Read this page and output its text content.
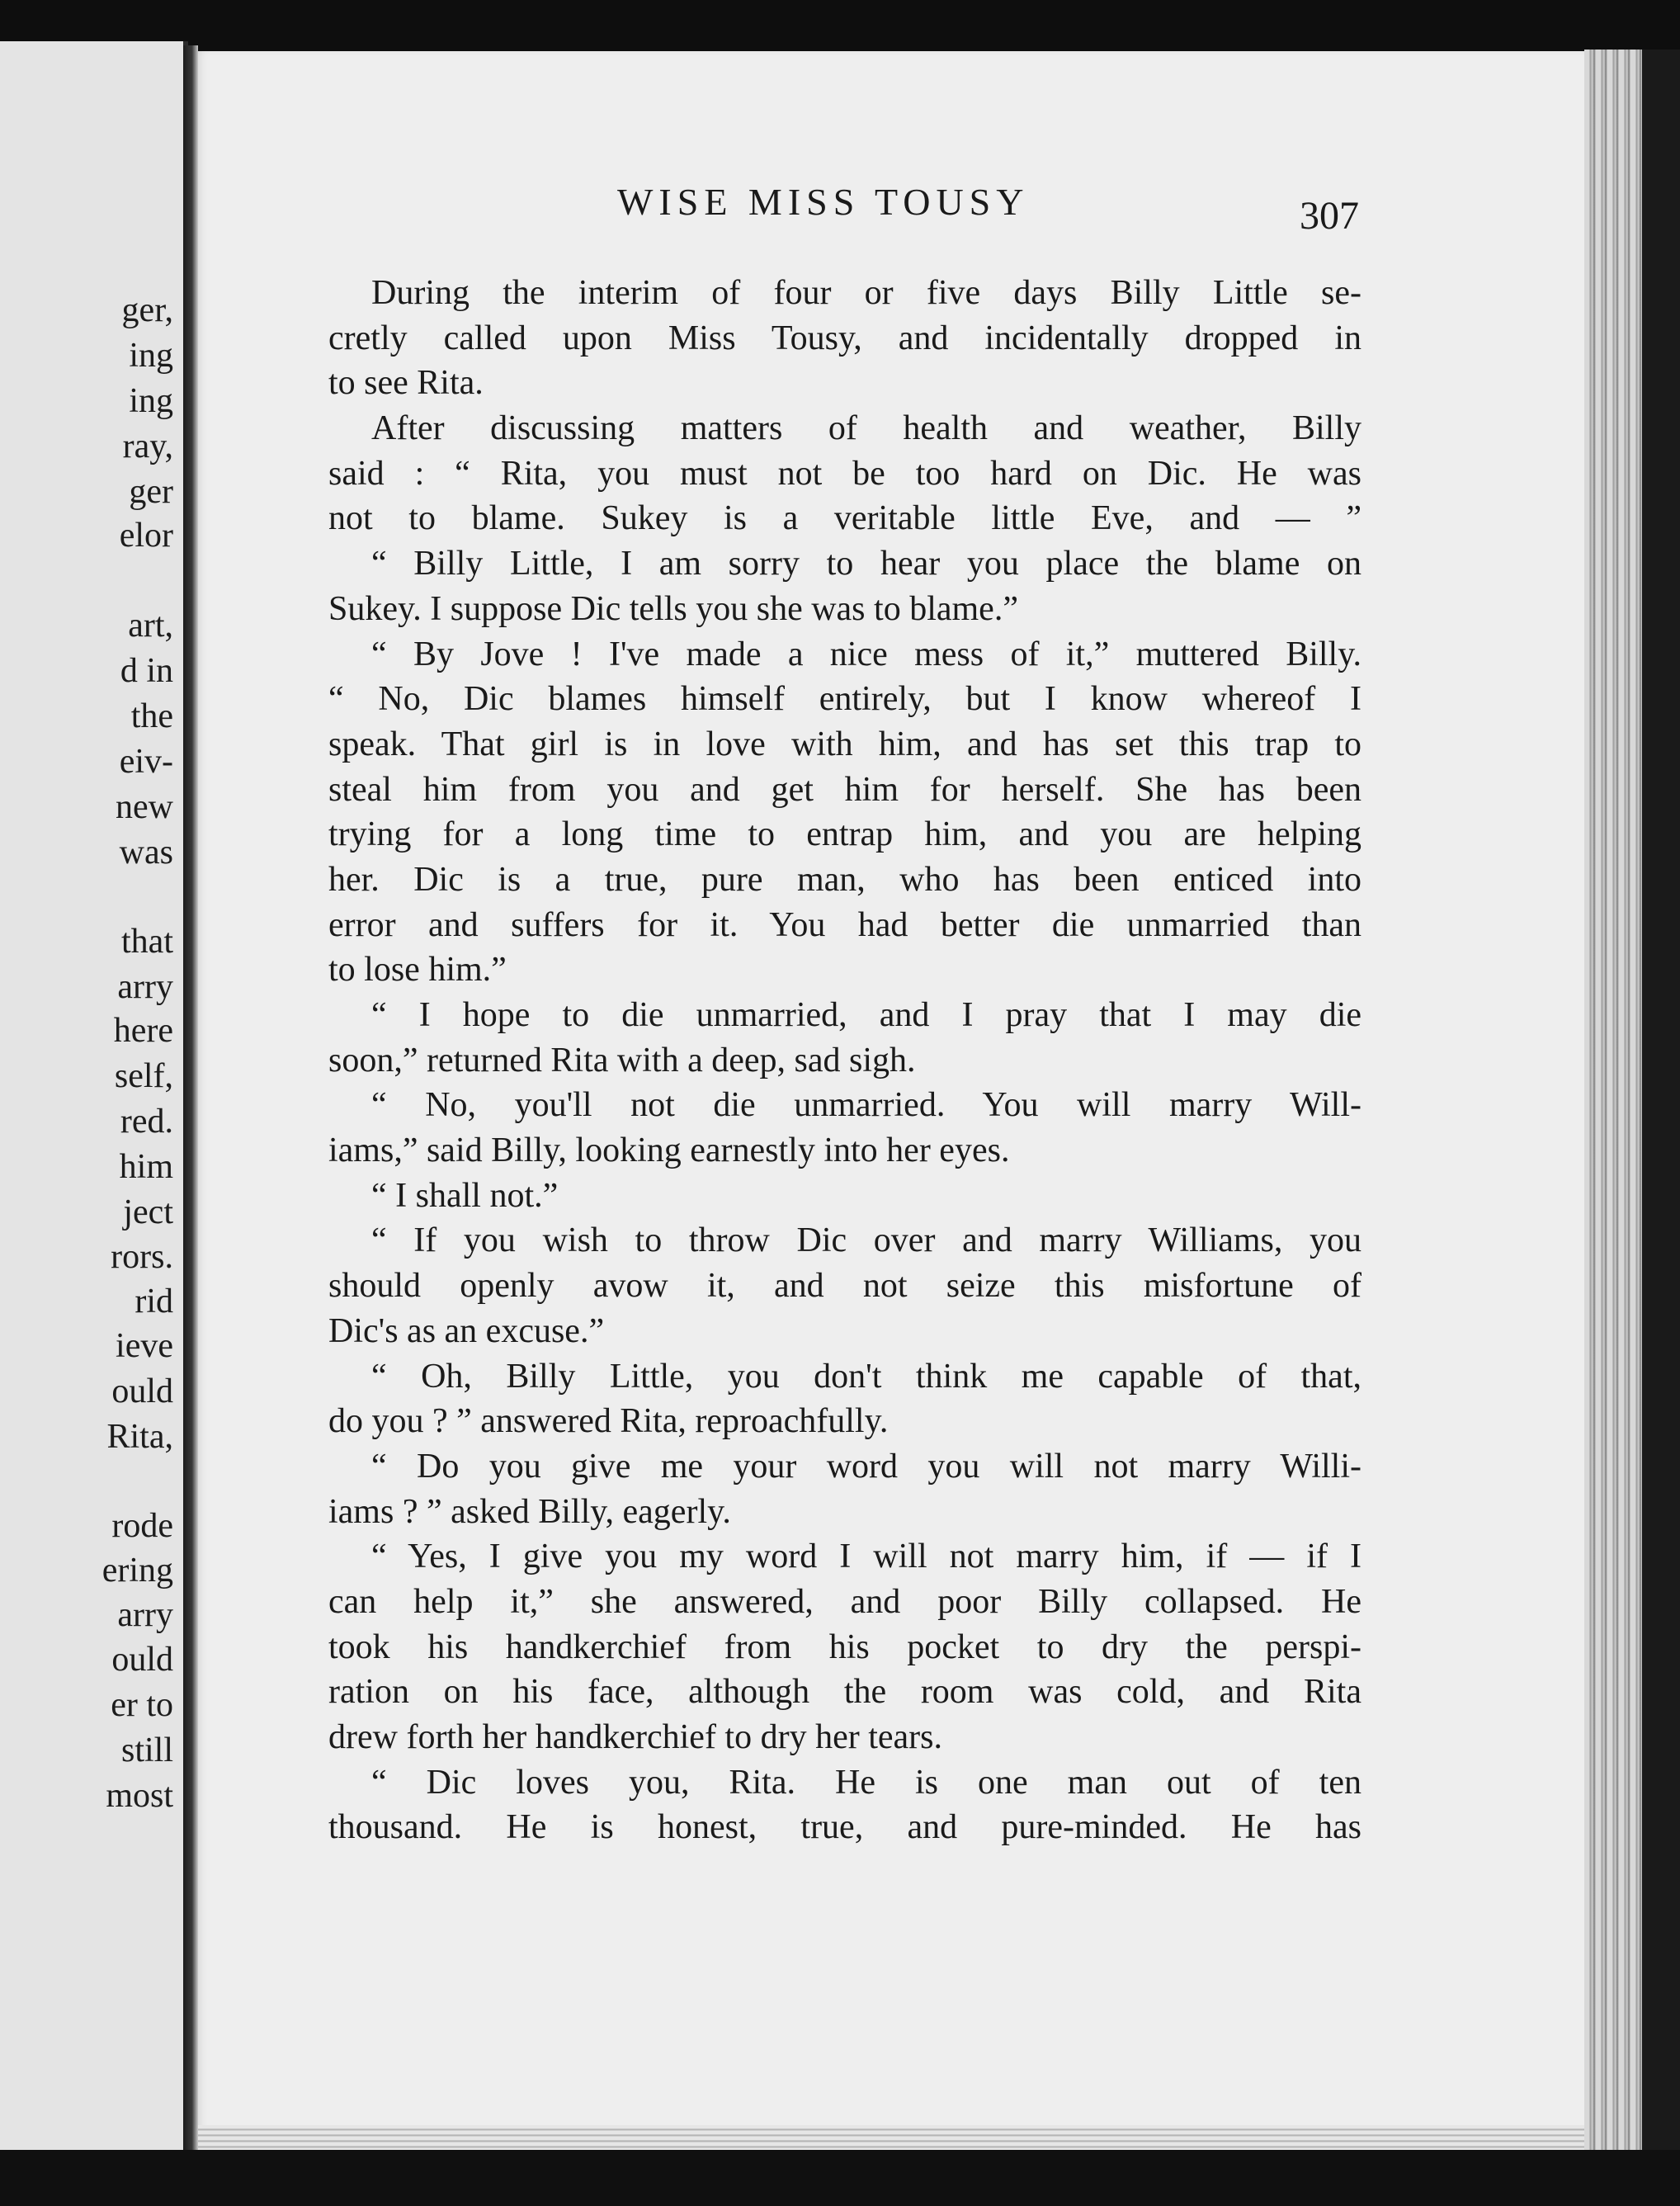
ger,
ing
ing
ray,
ger
elor
art,
d in
the
eiv-
new
was
that
arry
here
self,
red.
him
ject
rors.
rid
ieve
ould
Rita,
rode
ering
arry
ould
er to
still
most
WISE MISS TOUSY	307
During the interim of four or five days Billy Little se-
cretly called upon Miss Tousy, and incidentally dropped in
to see Rita.
After discussing matters of health and weather, Billy
said : “ Rita, you must not be too hard on Dic. He was
not to blame. Sukey is a veritable little Eve, and — ”
“ Billy Little, I am sorry to hear you place the blame on
Sukey. I suppose Dic tells you she was to blame.”
“ By Jove ! I've made a nice mess of it,” muttered Billy.
“ No, Dic blames himself entirely, but I know whereof I
speak. That girl is in love with him, and has set this trap to
steal him from you and get him for herself. She has been
trying for a long time to entrap him, and you are helping
her. Dic is a true, pure man, who has been enticed into
error and suffers for it. You had better die unmarried than
to lose him.”
“ I hope to die unmarried, and I pray that I may die
soon,” returned Rita with a deep, sad sigh.
“ No, you'll not die unmarried. You will marry Will-
iams,” said Billy, looking earnestly into her eyes.
“ I shall not.”
“ If you wish to throw Dic over and marry Williams, you
should openly avow it, and not seize this misfortune of
Dic's as an excuse.”
“ Oh, Billy Little, you don't think me capable of that,
do you ? ” answered Rita, reproachfully.
“ Do you give me your word you will not marry Willi-
iams ? ” asked Billy, eagerly.
“ Yes, I give you my word I will not marry him, if — if I
can help it,” she answered, and poor Billy collapsed. He
took his handkerchief from his pocket to dry the perspi-
ration on his face, although the room was cold, and Rita
drew forth her handkerchief to dry her tears.
“ Dic loves you, Rita. He is one man out of ten
thousand. He is honest, true, and pure-minded. He has
